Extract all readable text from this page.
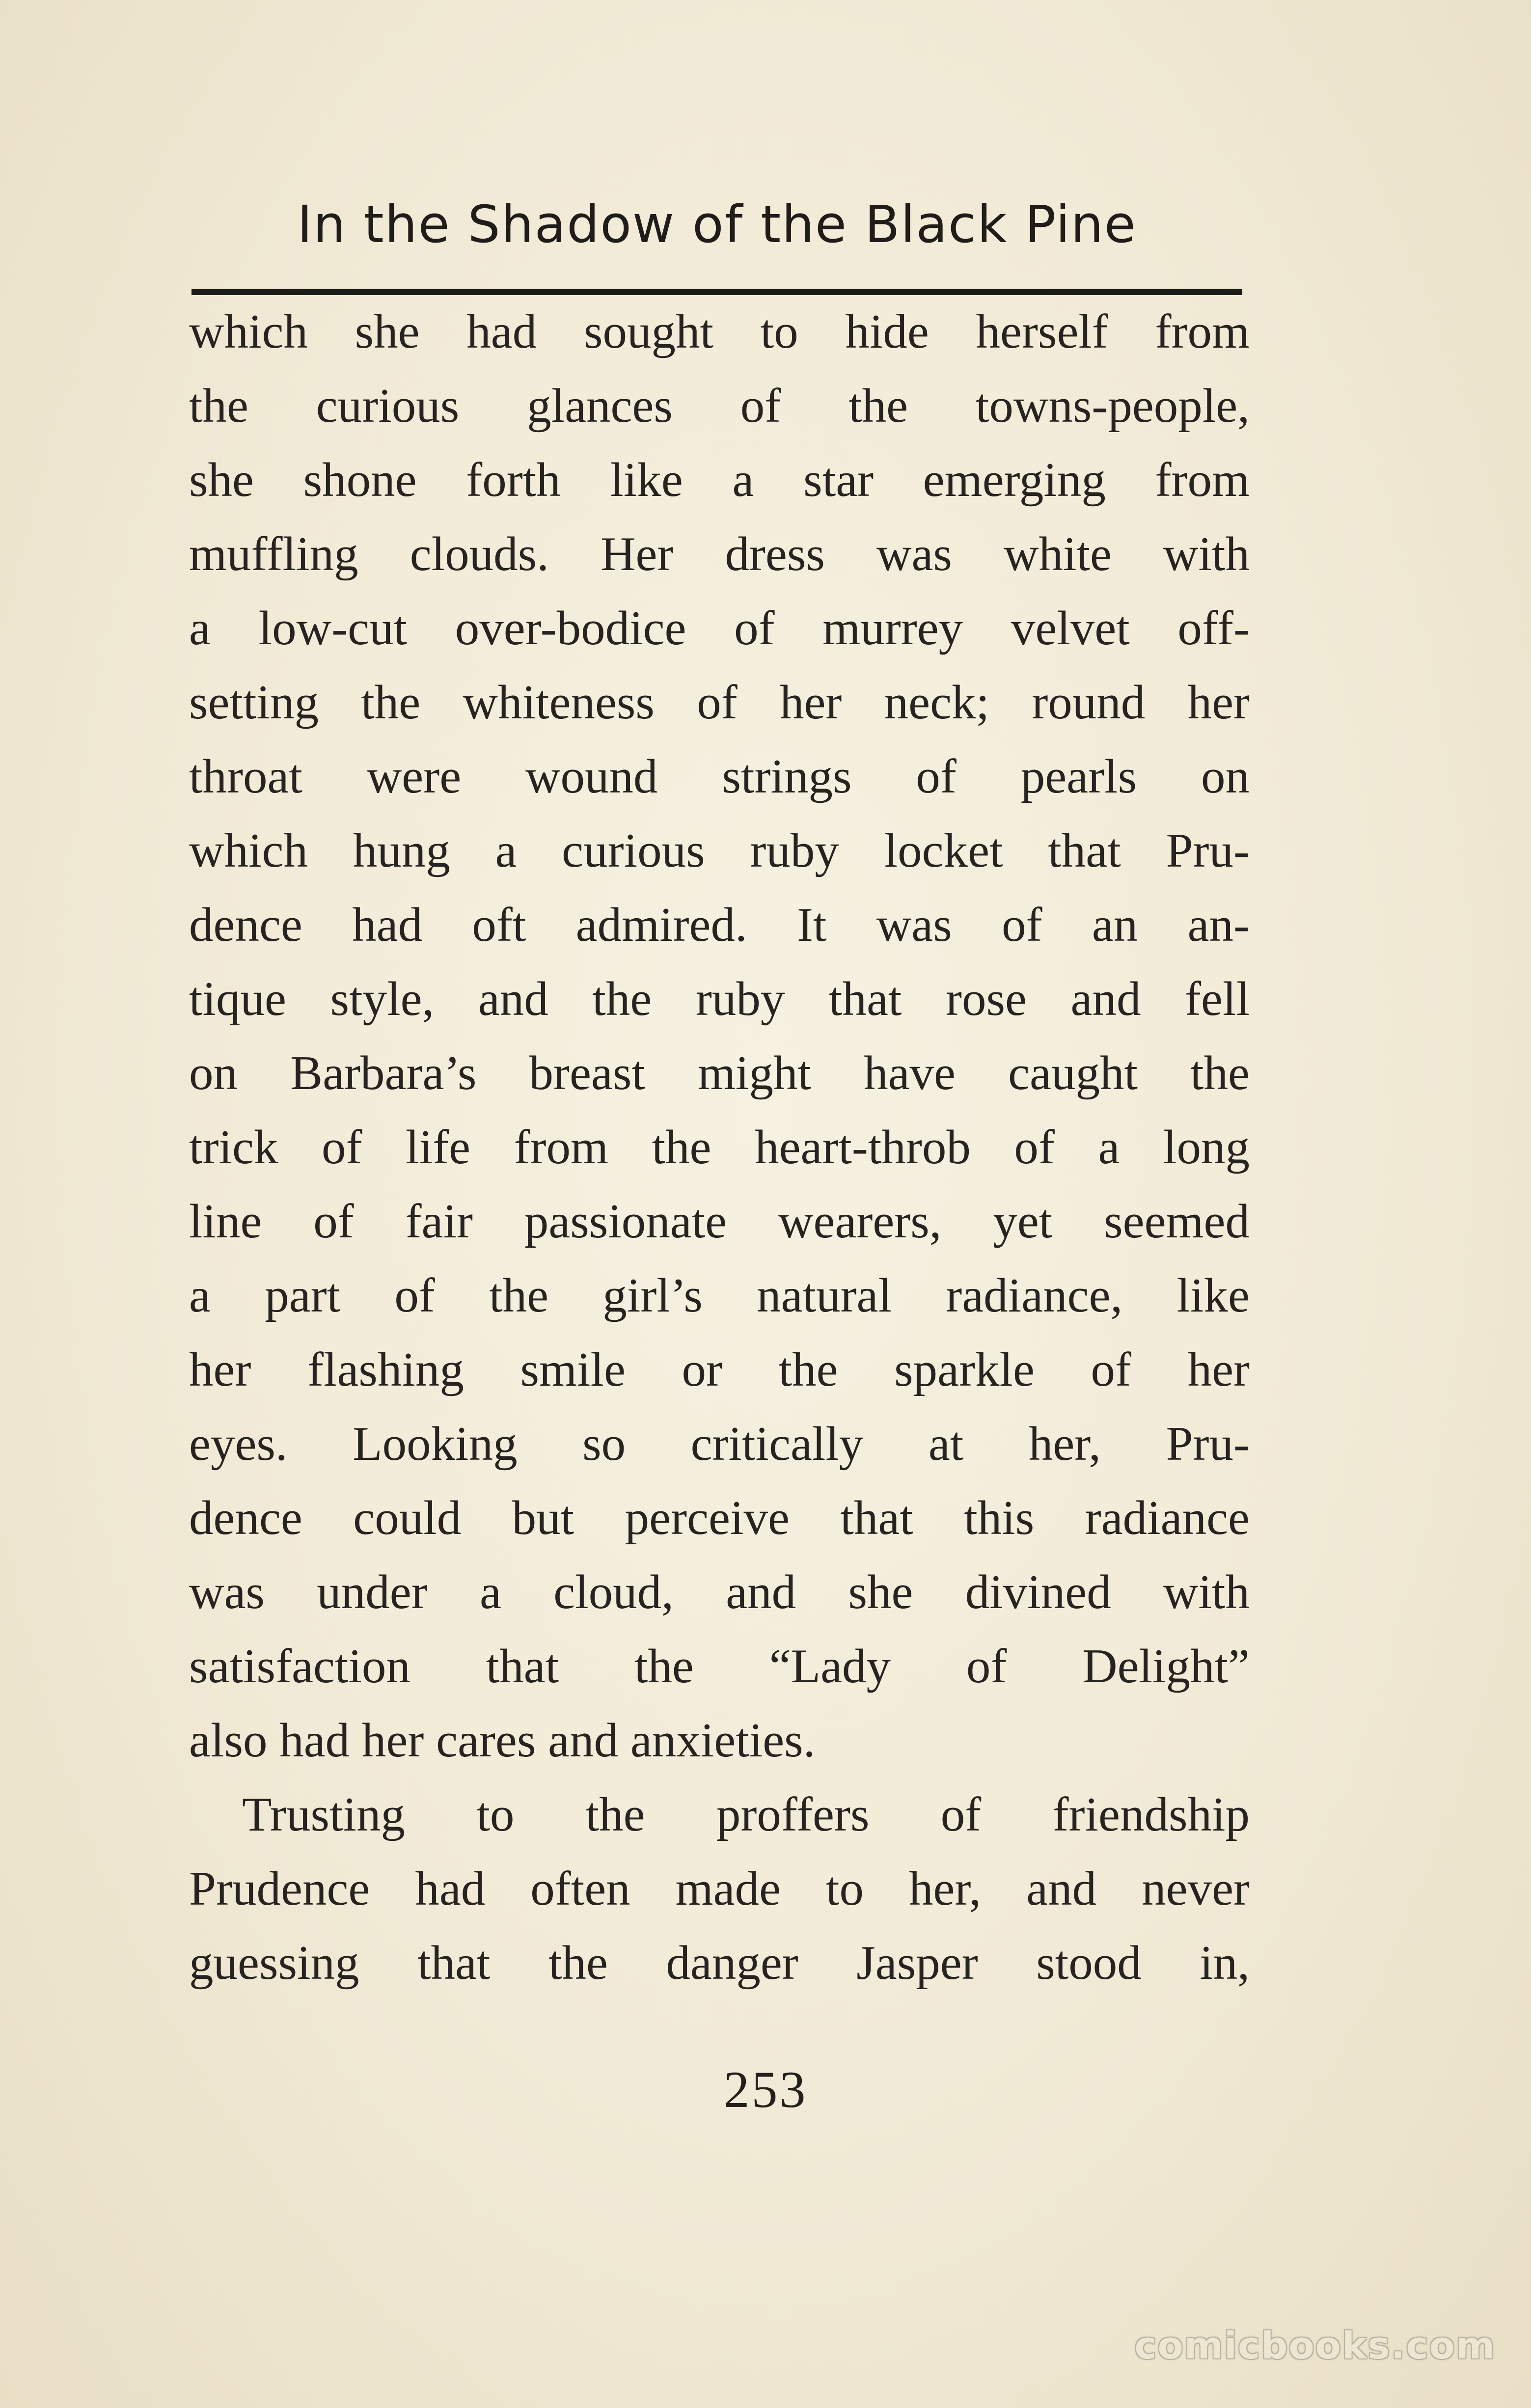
In the Shadow of the Black Pine
which she had sought to hide herself from
the curious glances of the towns-people,
she shone forth like a star emerging from
muffling clouds. Her dress was white with
a low-cut over-bodice of murrey velvet off-
setting the whiteness of her neck; round her
throat were wound strings of pearls on
which hung a curious ruby locket that Pru-
dence had oft admired. It was of an an-
tique style, and the ruby that rose and fell
on Barbara’s breast might have caught the
trick of life from the heart-throb of a long
line of fair passionate wearers, yet seemed
a part of the girl’s natural radiance, like
her flashing smile or the sparkle of her
eyes. Looking so critically at her, Pru-
dence could but perceive that this radiance
was under a cloud, and she divined with
satisfaction that the “Lady of Delight”
also had her cares and anxieties.
Trusting to the proffers of friendship
Prudence had often made to her, and never
guessing that the danger Jasper stood in,
253
comicbooks.com
